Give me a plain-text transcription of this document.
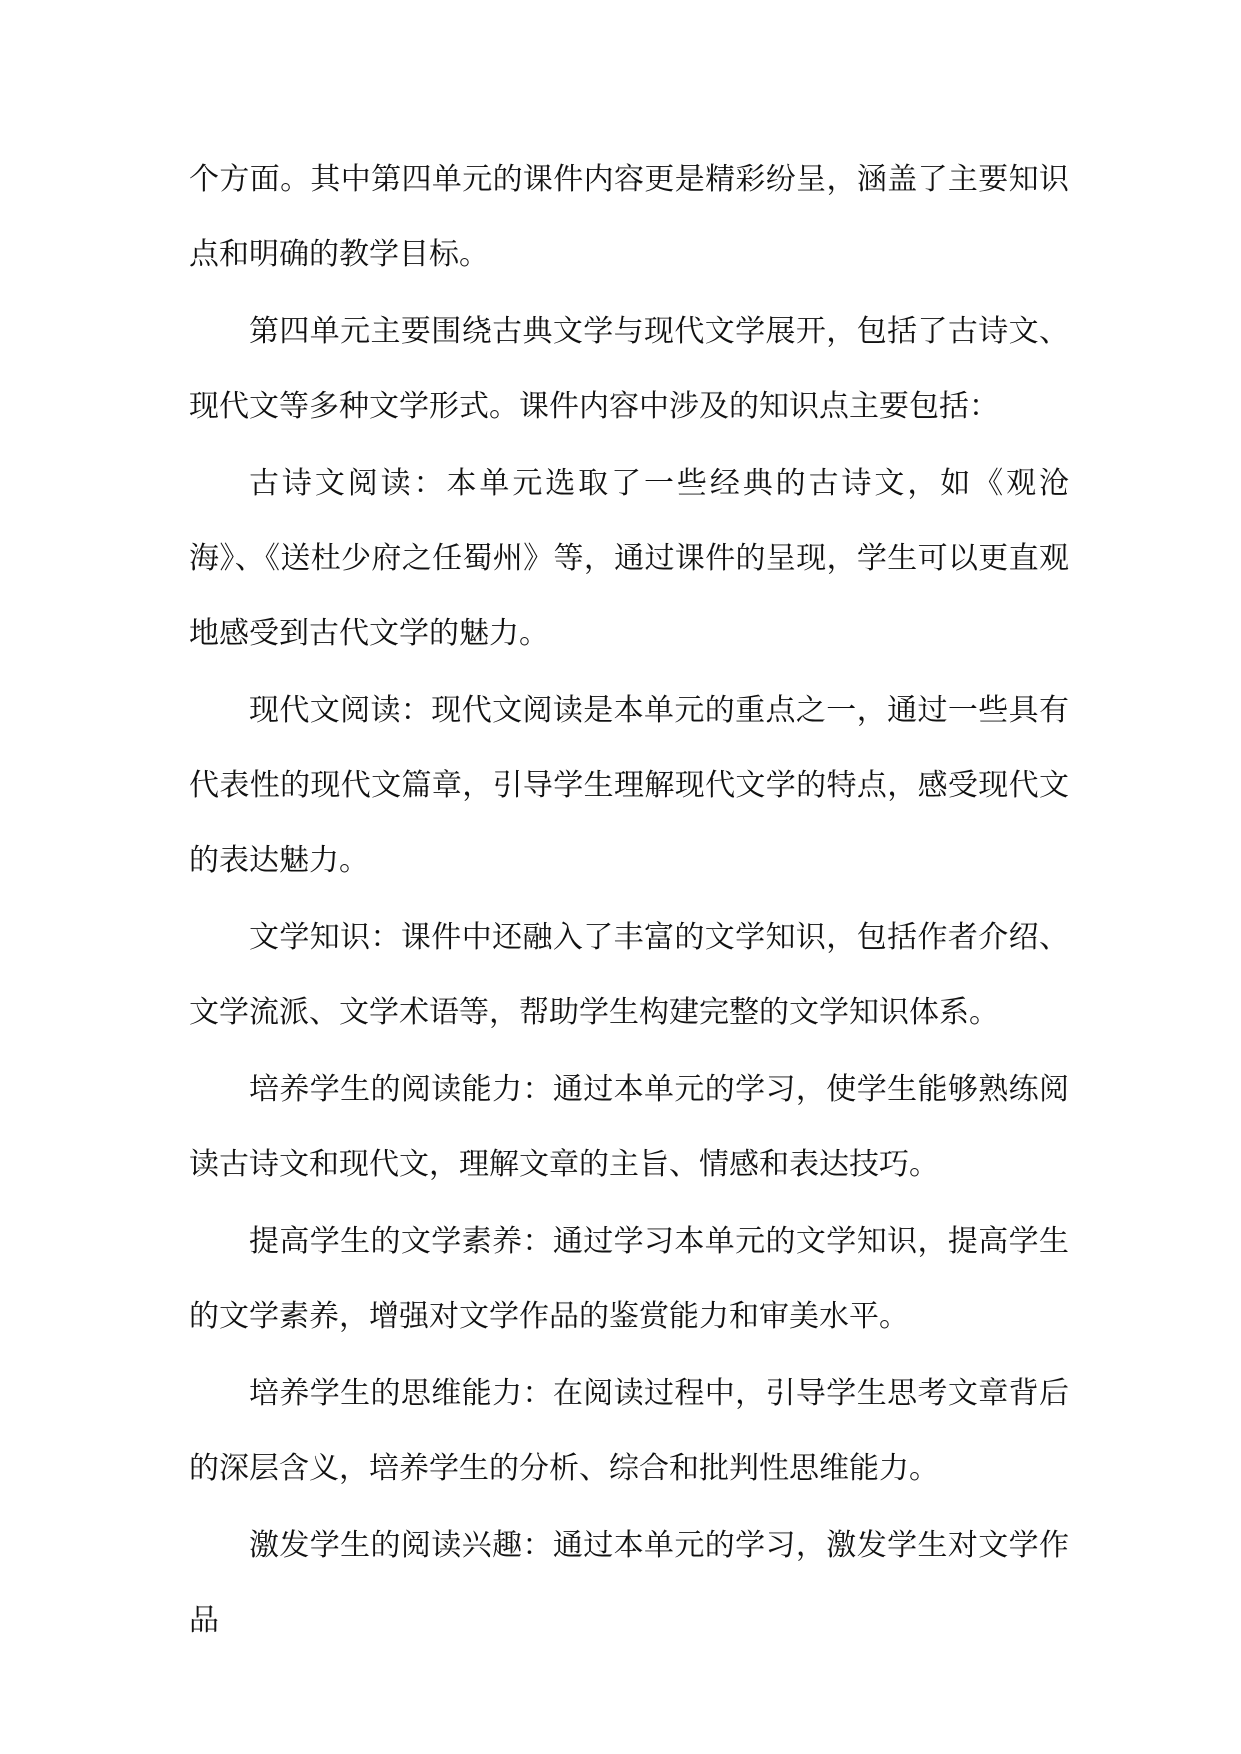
个方面。其中第四单元的课件内容更是精彩纷呈，涵盖了主要知识点和明确的教学目标。

第四单元主要围绕古典文学与现代文学展开，包括了古诗文、现代文等多种文学形式。课件内容中涉及的知识点主要包括：

古诗文阅读：本单元选取了一些经典的古诗文，如《观沧海》、《送杜少府之任蜀州》等，通过课件的呈现，学生可以更直观地感受到古代文学的魅力。

现代文阅读：现代文阅读是本单元的重点之一，通过一些具有代表性的现代文篇章，引导学生理解现代文学的特点，感受现代文的表达魅力。

文学知识：课件中还融入了丰富的文学知识，包括作者介绍、文学流派、文学术语等，帮助学生构建完整的文学知识体系。

培养学生的阅读能力：通过本单元的学习，使学生能够熟练阅读古诗文和现代文，理解文章的主旨、情感和表达技巧。

提高学生的文学素养：通过学习本单元的文学知识，提高学生的文学素养，增强对文学作品的鉴赏能力和审美水平。

培养学生的思维能力：在阅读过程中，引导学生思考文章背后的深层含义，培养学生的分析、综合和批判性思维能力。

激发学生的阅读兴趣：通过本单元的学习，激发学生对文学作品
